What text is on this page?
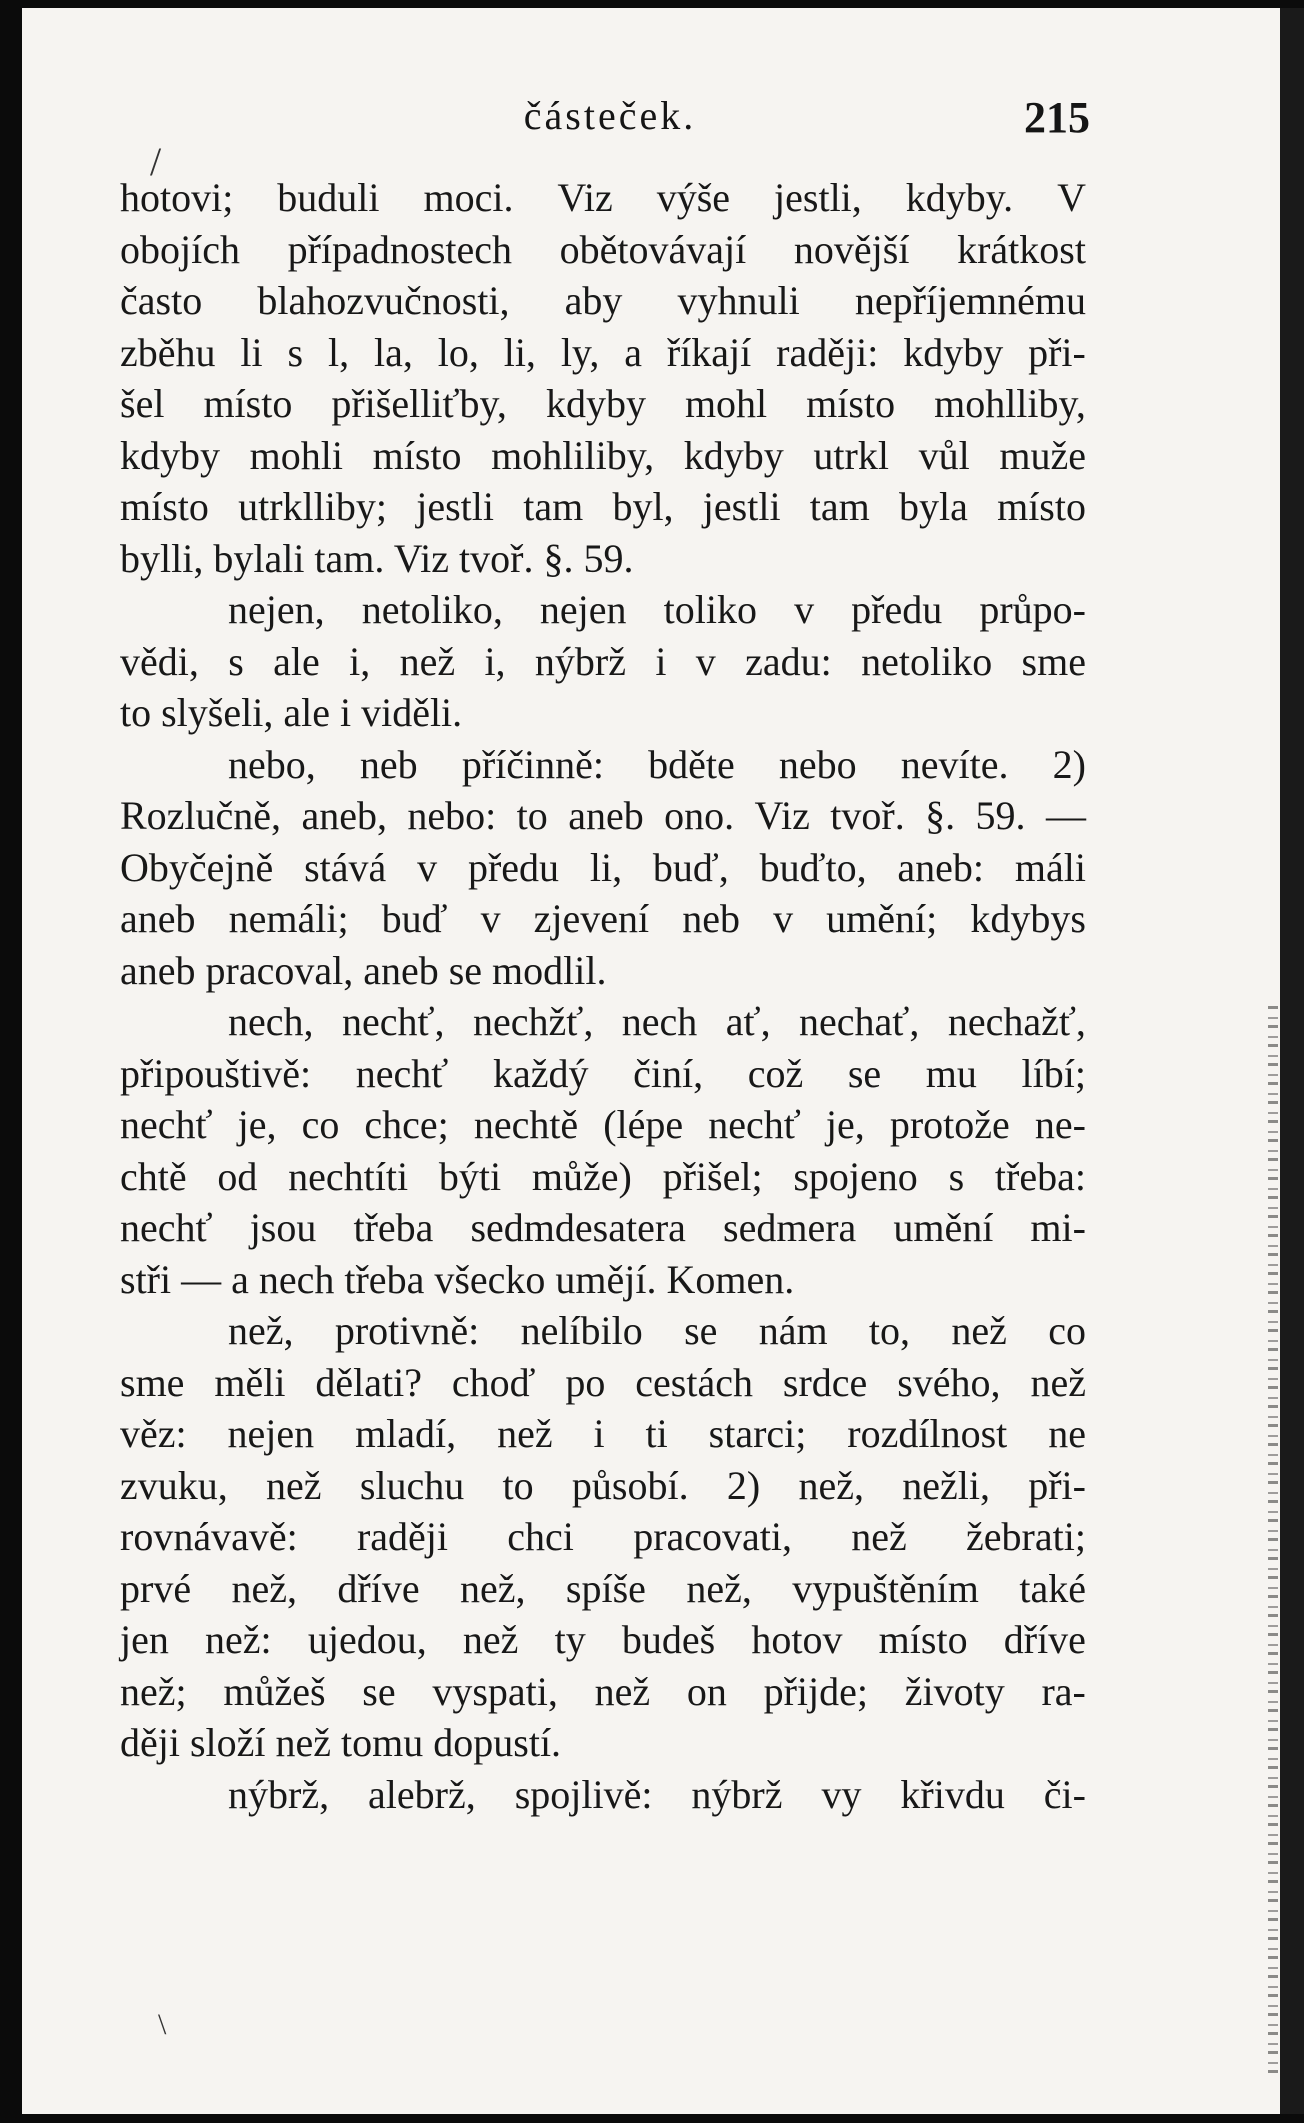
částeček.	215
/
\
hotovi; buduli moci. Viz výše jestli, kdyby. V
obojích případnostech obětovávají novější krátkost
často blahozvučnosti, aby vyhnuli nepříjemnému
zběhu li s l, la, lo, li, ly, a říkají raději: kdyby při-
šel místo přišelliťby, kdyby mohl místo mohlliby,
kdyby mohli místo mohliliby, kdyby utrkl vůl muže
místo utrklliby; jestli tam byl, jestli tam byla místo
bylli, bylali tam. Viz tvoř. §. 59.
nejen, netoliko, nejen toliko v předu průpo-
vědi, s ale i, než i, nýbrž i v zadu: netoliko sme
to slyšeli, ale i viděli.
nebo, neb příčinně: bděte nebo nevíte. 2)
Rozlučně, aneb, nebo: to aneb ono. Viz tvoř. §. 59. —
Obyčejně stává v předu li, buď, buďto, aneb: máli
aneb nemáli; buď v zjevení neb v umění; kdybys
aneb pracoval, aneb se modlil.
nech, nechť, nechžť, nech ať, nechať, nechažť,
připouštivě: nechť každý činí, což se mu líbí;
nechť je, co chce; nechtě (lépe nechť je, protože ne-
chtě od nechtíti býti může) přišel; spojeno s třeba:
nechť jsou třeba sedmdesatera sedmera umění mi-
stři — a nech třeba všecko umějí. Komen.
než, protivně: nelíbilo se nám to, než co
sme měli dělati? choď po cestách srdce svého, než
věz: nejen mladí, než i ti starci; rozdílnost ne
zvuku, než sluchu to působí. 2) než, nežli, při-
rovnávavě: raději chci pracovati, než žebrati;
prvé než, dříve než, spíše než, vypuštěním také
jen než: ujedou, než ty budeš hotov místo dříve
než; můžeš se vyspati, než on přijde; životy ra-
ději složí než tomu dopustí.
nýbrž, alebrž, spojlivě: nýbrž vy křivdu či-
